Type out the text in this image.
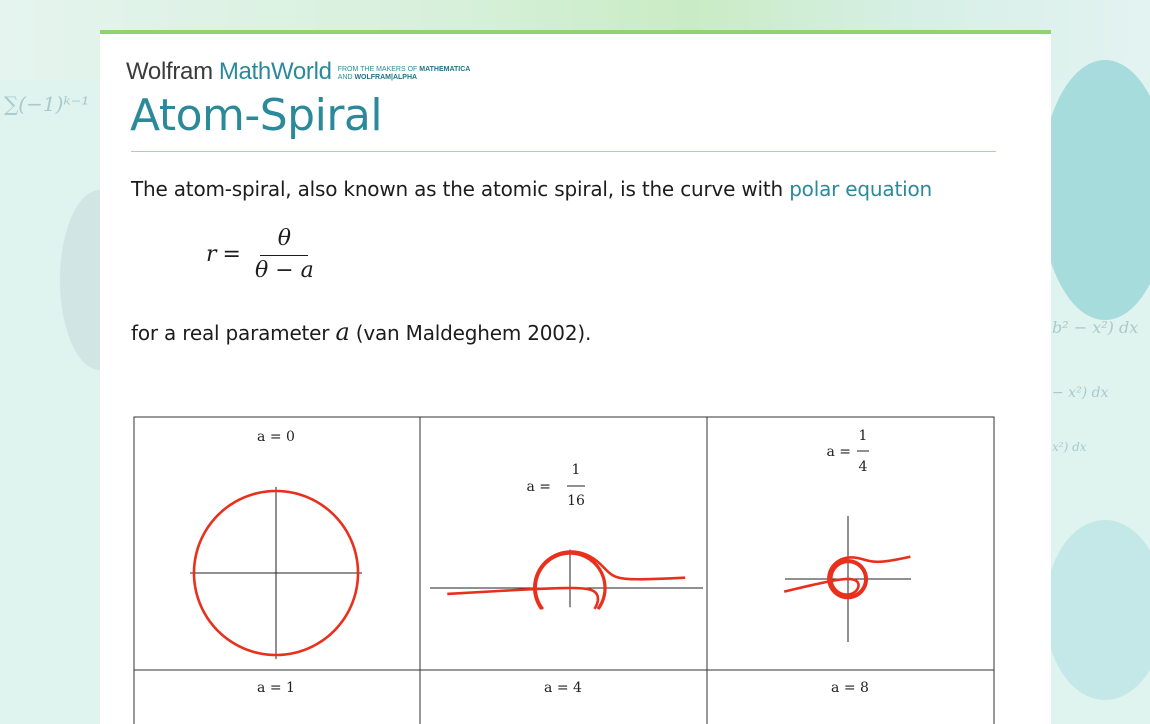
∑(−1)ᵏ⁻¹
b² − x²) dx
− x²) dx
x²) dx
Wolfram MathWorld FROM THE MAKERS OF MATHEMATICA
AND WOLFRAM|ALPHA
Atom-Spiral

The atom-spiral, also known as the atomic spiral, is the curve with polar equation

$r = \frac{\theta}{\theta - a}$

for a real parameter a (van Maldeghem 2002).

a = 0
a =
1
16
a =
1
4
a = 1	a = 4	a = 8
